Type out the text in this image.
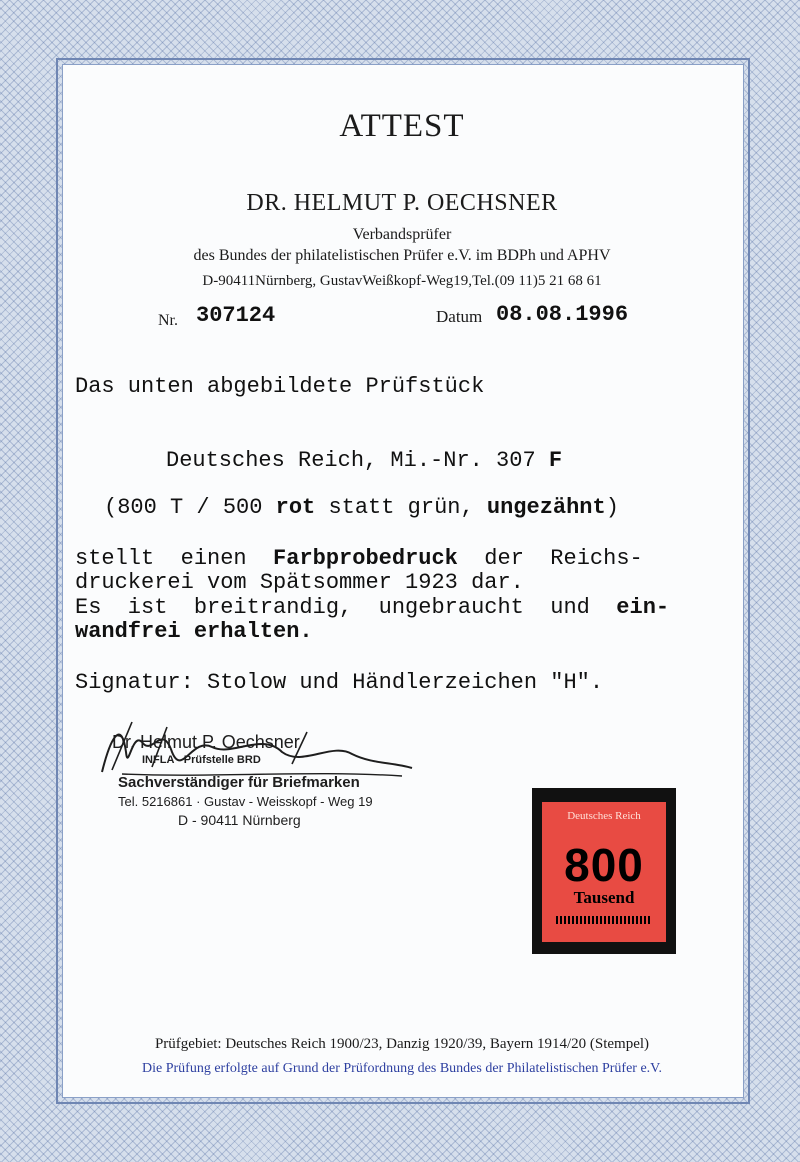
ATTEST
DR. HELMUT P. OECHSNER
Verbandsprüfer
des Bundes der philatelistischen Prüfer e.V. im BDPh und APHV
D-90411Nürnberg, GustavWeißkopf-Weg19,Tel.(09 11)5 21 68 61
Nr. 307124	Datum 08.08.1996
Das unten abgebildete Prüfstück
Deutsches Reich, Mi.-Nr. 307 F
(800 T / 500 rot statt grün, ungezähnt)
stellt  einen  Farbprobedruck  der  Reichs-
druckerei vom Spätsommer 1923 dar.
Es  ist  breitrandig,  ungebraucht  und  ein-
wandfrei erhalten.
Signatur: Stolow und Händlerzeichen "H".
Dr. Helmut P. Oechsner
INFLA - Prüfstelle BRD
Sachverständiger für Briefmarken
Tel. 5216861 · Gustav - Weisskopf - Weg 19
D - 90411 Nürnberg	Deutsches Reich
800
Tausend
Prüfgebiet: Deutsches Reich 1900/23, Danzig 1920/39, Bayern 1914/20 (Stempel)
Die Prüfung erfolgte auf Grund der Prüfordnung des Bundes der Philatelistischen Prüfer e.V.
